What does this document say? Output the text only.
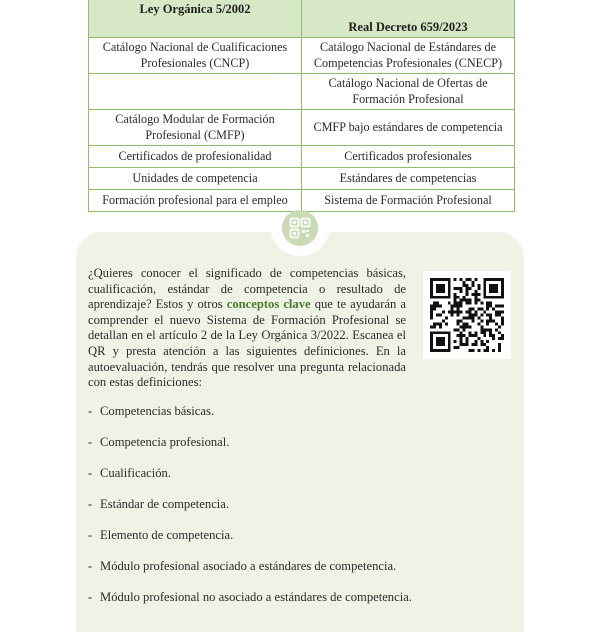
Ley Orgánica 5/2002	Real Decreto 659/2023
Catálogo Nacional de Cualificaciones Profesionales (CNCP)	Catálogo Nacional de Estándares de Competencias Profesionales (CNECP)
	Catálogo Nacional de Ofertas de Formación Profesional
Catálogo Modular de Formación Profesional (CMFP)	CMFP bajo estándares de competencia
Certificados de profesionalidad	Certificados profesionales
Unidades de competencia	Estándares de competencias
Formación profesional para el empleo	Sistema de Formación Profesional

¿Quieres conocer el significado de competencias básicas, cualificación, estándar de competencia o resultado de aprendizaje? Estos y otros conceptos clave que te ayudarán a comprender el nuevo Sistema de Formación Profesional se detallan en el artículo 2 de la Ley Orgánica 3/2022. Escanea el QR y presta atención a las siguientes definiciones. En la autoevaluación, tendrás que resolver una pregunta relacionada con estas definiciones:

- Competencias básicas.
- Competencia profesional.
- Cualificación.
- Estándar de competencia.
- Elemento de competencia.
- Módulo profesional asociado a estándares de competencia.
- Módulo profesional no asociado a estándares de competencia.
